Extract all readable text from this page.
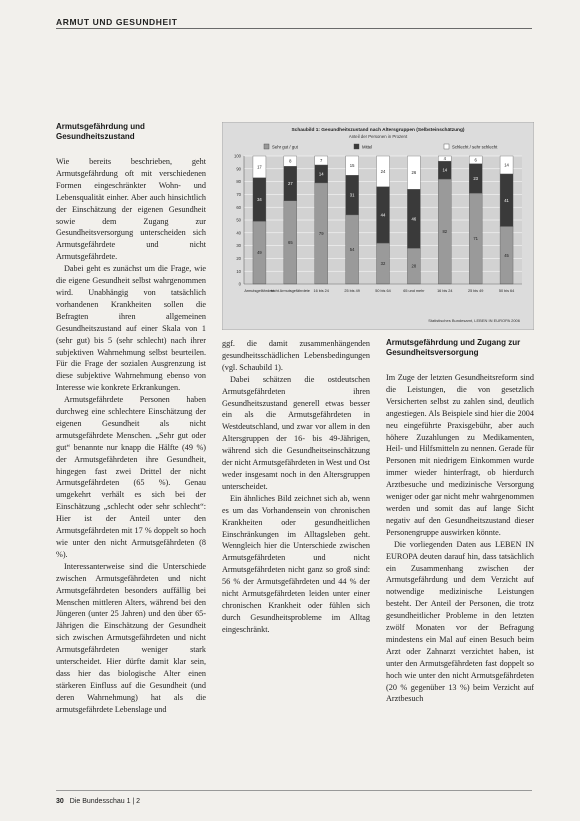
ARMUT UND GESUNDHEIT
Armutsgefährdung und Gesundheitszustand

Wie bereits beschrieben, geht Armutsgefährdung oft mit verschiedenen Formen eingeschränkter Wohn- und Lebensqualität einher. Aber auch hinsichtlich der Einschätzung der eigenen Gesundheit sowie dem Zugang zur Gesundheitsversorgung unterscheiden sich Armutsgefährdete und nicht Armutsgefährdete.

Dabei geht es zunächst um die Frage, wie die eigene Gesundheit selbst wahrgenommen wird. Unabhängig von tatsächlich vorhandenen Krankheiten sollen die Befragten ihren allgemeinen Gesundheitszustand auf einer Skala von 1 (sehr gut) bis 5 (sehr schlecht) nach ihrer subjektiven Wahrnehmung selbst beurteilen. Für die Frage der sozialen Ausgrenzung ist diese subjektive Wahrnehmung ebenso von Interesse wie konkrete Erkrankungen.

Armutsgefährdete Personen haben durchweg eine schlechtere Einschätzung der eigenen Gesundheit als nicht armutsgefährdete Menschen. „Sehr gut oder gut“ benannte nur knapp die Hälfte (49 %) der Armutsgefährdeten ihre Gesundheit, hingegen fast zwei Drittel der nicht Armutsgefährdeten (65 %). Genau umgekehrt verhält es sich bei der Einschätzung „schlecht oder sehr schlecht“: Hier ist der Anteil unter den Armutsgefährdeten mit 17 % doppelt so hoch wie unter den nicht Armutsgefährdeten (8 %).

Interessanterweise sind die Unterschiede zwischen Armutsgefährdeten und nicht Armutsgefährdeten besonders auffällig bei Menschen mittleren Alters, während bei den Jüngeren (unter 25 Jahren) und den über 65-Jährigen die Einschätzung der Gesundheit sich zwischen Armutsgefährdeten und nicht Armutsgefährdeten weniger stark unterscheidet. Hier dürfte damit klar sein, dass hier das biologische Alter einen stärkeren Einfluss auf die Gesundheit (und deren Wahrnehmung) hat als die armutsgefährdete Lebenslage und

Schaubild 1: Gesundheitszustand nach Altersgruppen (Selbsteinschätzung)
Anteil der Personen in Prozent
Sehr gut / gut	Mittel	Schlecht / sehr schlecht
0
10
20
30
40
50
60
70
80
90
100
49
34
17
Armutsgefährdete
65
27
8
nicht Armutsgefährdete
79
14
7
16 bis 24
54
31
15
25 bis 49
32
44
24
50 bis 64
28
46
26
65 und mehr
82
14
4
16 bis 24
71
23
6
25 bis 49
45
41
14
50 bis 64
Statistisches Bundesamt, LEBEN IN EUROPA 2006

ggf. die damit zusammenhängenden gesundheitsschädlichen Lebensbedingungen (vgl. Schaubild 1).

Dabei schätzen die ostdeutschen Armutsgefährdeten ihren Gesundheitszustand generell etwas besser ein als die Armutsgefährdeten in Westdeutschland, und zwar vor allem in den Altersgruppen der 16- bis 49-Jährigen, während sich die Gesundheitseinschätzung der nicht Armutsgefährdeten in West und Ost weder insgesamt noch in den Altersgruppen unterscheidet.

Ein ähnliches Bild zeichnet sich ab, wenn es um das Vorhandensein von chronischen Krankheiten oder gesundheitlichen Einschränkungen im Alltagsleben geht. Wenngleich hier die Unterschiede zwischen Armutsgefährdeten und nicht Armutsgefährdeten nicht ganz so groß sind: 56 % der Armutsgefährdeten und 44 % der nicht Armutsgefährdeten leiden unter einer chronischen Krankheit oder fühlen sich durch Gesundheitsprobleme im Alltag eingeschränkt.

Armutsgefährdung und Zugang zur Gesundheitsversorgung

Im Zuge der letzten Gesundheitsreform sind die Leistungen, die von gesetzlich Versicherten selbst zu zahlen sind, deutlich angestiegen. Als Beispiele sind hier die 2004 neu eingeführte Praxisgebühr, aber auch höhere Zuzahlungen zu Medikamenten, Heil- und Hilfsmitteln zu nennen. Gerade für Personen mit niedrigem Einkommen wurde immer wieder hinterfragt, ob hierdurch Arztbesuche und medizinische Versorgung weniger oder gar nicht mehr wahrgenommen werden und somit das auf lange Sicht negativ auf den Gesundheitszustand dieser Personengruppe auswirken könnte.

Die vorliegenden Daten aus LEBEN IN EUROPA deuten darauf hin, dass tatsächlich ein Zusammenhang zwischen der Armutsgefährdung und dem Verzicht auf notwendige medizinische Leistungen besteht. Der Anteil der Personen, die trotz gesundheitlicher Probleme in den letzten zwölf Monaten vor der Befragung mindestens ein Mal auf einen Besuch beim Arzt oder Zahnarzt verzichtet haben, ist unter den Armutsgefährdeten fast doppelt so hoch wie unter den nicht Armutsgefährdeten (20 % gegenüber 13 %) beim Verzicht auf Arztbesuch

30 Die Bundesschau 1 | 2
